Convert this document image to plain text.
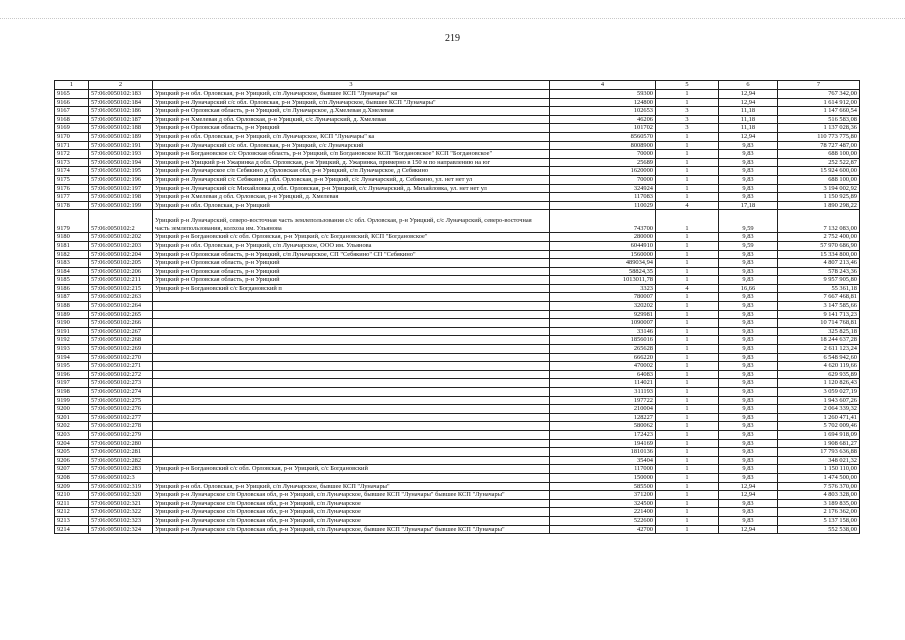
219
1	2	3	4	5	6	7
9165	57:06:0050102:183	Урицкий р-н обл. Орловская, р-н Урицкий, с/п Луначарское, бывшее КСП "Луначары" кв	59300	1	12,94	767 342,00
9166	57:06:0050102:184	Урицкий р-н Луначарский с/с обл. Орловская, р-н Урицкий, с/п Луначарское, бывшее КСП "Луначары"	124800	1	12,94	1 614 912,00
9167	57:06:0050102:186	Урицкий р-н Орловская область, р-н Урицкий, с/п Луначарское, д.Хмелевая д.Хмелевая	102653	3	11,18	1 147 660,54
9168	57:06:0050102:187	Урицкий р-н Хмелевая д обл. Орловская, р-н Урицкий, с/с Луначарский, д. Хмелевая	46206	3	11,18	516 583,08
9169	57:06:0050102:188	Урицкий р-н Орловская область, р-н Урицкий	101702	3	11,18	1 137 028,36
9170	57:06:0050102:189	Урицкий р-н обл. Орловская, р-н Урицкий, с/п Луначарское, КСП "Луначары" ка	8560570	1	12,94	110 773 775,80
9171	57:06:0050102:191	Урицкий р-н Луначарский с/с обл. Орловская, р-н Урицкий, с/с Луначарский	8008900	1	9,83	78 727 487,00
9172	57:06:0050102:193	Урицкий р-н Богдановское с/с Орловская область, р-н Урицкий, с/п Богдановское КСП "Богдановское" КСП "Богдановское"	70000	1	9,83	688 100,00
9173	57:06:0050102:194	Урицкий р-н Урицкий р-н Ужаринка д обл. Орловская, р-н Урицкий, д. Ужаринка, примерно в 150 м по направлению на юг	25689	1	9,83	252 522,87
9174	57:06:0050102:195	Урицкий р-н Луначарское с/п Себякино д Орловская обл, р-н Урицкий, с/п Луначарское, д Себякино	1620000	1	9,83	15 924 600,00
9175	57:06:0050102:196	Урицкий р-н Луначарский с/с Себякино д обл. Орловская, р-н Урицкий, с/с Луначарский, д. Себякино, ул. нет нет ул	70000	1	9,83	688 100,00
9176	57:06:0050102:197	Урицкий р-н Луначарский с/с Михайловка д обл. Орловская, р-н Урицкий, с/с Луначарский, д. Михайловка, ул. нет нет ул	324924	1	9,83	3 194 002,92
9177	57:06:0050102:198	Урицкий р-н Хмелевая д обл. Орловская, р-н Урицкий, д. Хмелевая	117083	1	9,83	1 150 925,89
9178	57:06:0050102:199	Урицкий р-н обл. Орловская, р-н Урицкий	110029	4	17,18	1 890 298,22
9179	57:06:0050102:2	Урицкий р-н Луначарский, северо-восточная часть землепользования с/с обл. Орловская, р-н Урицкий, с/с Луначарский, северо-восточная часть землепользования, колхоза им. Ульянова	743700	1	9,59	7 132 083,00
9180	57:06:0050102:202	Урицкий р-н Богдановский с/с обл. Орловская, р-н Урицкий, с/с Богдановский, КСП "Богдановское"	280000	1	9,83	2 752 400,00
9181	57:06:0050102:203	Урицкий р-н обл. Орловская, р-н Урицкий, с/п Луначарское, ООО им. Ульянова	6044910	1	9,59	57 970 686,90
9182	57:06:0050102:204	Урицкий р-н Орловская область, р-н Урицкий, с/п Луначарское, СП "Себякино" СП "Себякино"	1560000	1	9,83	15 334 800,00
9183	57:06:0050102:205	Урицкий р-н Орловская область, р-н Урицкий	489034,94	1	9,83	4 807 213,46
9184	57:06:0050102:206	Урицкий р-н Орловская область, р-н Урицкий	58824,35	1	9,83	578 243,36
9185	57:06:0050102:211	Урицкий р-н Орловская область, р-н Урицкий	1013011,78	1	9,83	9 957 905,80
9186	57:06:0050102:215	Урицкий р-н Богдановский с/с Богдановский п	3323	4	16,66	55 361,18
9187	57:06:0050102:263		780007	1	9,83	7 667 468,81
9188	57:06:0050102:264		320202	1	9,83	3 147 585,66
9189	57:06:0050102:265		929981	1	9,83	9 141 713,23
9190	57:06:0050102:266		1090007	1	9,83	10 714 768,81
9191	57:06:0050102:267		33146	1	9,83	325 825,18
9192	57:06:0050102:268		1856016	1	9,83	18 244 637,28
9193	57:06:0050102:269		265628	1	9,83	2 611 123,24
9194	57:06:0050102:270		666220	1	9,83	6 548 942,60
9195	57:06:0050102:271		470002	1	9,83	4 620 119,66
9196	57:06:0050102:272		64083	1	9,83	629 935,89
9197	57:06:0050102:273		114021	1	9,83	1 120 826,43
9198	57:06:0050102:274		311193	1	9,83	3 059 027,19
9199	57:06:0050102:275		197722	1	9,83	1 943 607,26
9200	57:06:0050102:276		210004	1	9,83	2 064 339,32
9201	57:06:0050102:277		128227	1	9,83	1 260 471,41
9202	57:06:0050102:278		580062	1	9,83	5 702 009,46
9203	57:06:0050102:279		172423	1	9,83	1 694 918,09
9204	57:06:0050102:280		194169	1	9,83	1 908 681,27
9205	57:06:0050102:281		1810136	1	9,83	17 793 636,88
9206	57:06:0050102:282		35404	1	9,83	348 021,32
9207	57:06:0050102:283	Урицкий р-н Богдановский с/с обл. Орловская, р-н Урицкий, с/с Богдановский	117000	1	9,83	1 150 110,00
9208	57:06:0050102:3		150000	1	9,83	1 474 500,00
9209	57:06:0050102:319	Урицкий р-н обл. Орловская, р-н Урицкий, с/п Луначарское, бывшее КСП "Луначары"	585500	1	12,94	7 576 370,00
9210	57:06:0050102:320	Урицкий р-н Луначарское с/п Орловская обл, р-н Урицкий, с/п Луначарское, бывшее КСП "Луначары" бывшее КСП "Луначары"	371200	1	12,94	4 803 328,00
9211	57:06:0050102:321	Урицкий р-н Луначарское с/п Орловская обл, р-н Урицкий, с/п Луначарское	324500	1	9,83	3 189 835,00
9212	57:06:0050102:322	Урицкий р-н Луначарское с/п Орловская обл, р-н Урицкий, с/п Луначарское	221400	1	9,83	2 176 362,00
9213	57:06:0050102:323	Урицкий р-н Луначарское с/п Орловская обл, р-н Урицкий, с/п Луначарское	522600	1	9,83	5 137 158,00
9214	57:06:0050102:324	Урицкий р-н Луначарское с/п Орловская обл, р-н Урицкий, с/п Луначарское, бывшее КСП "Луначары" бывшее КСП "Луначары"	42700	1	12,94	552 538,00
